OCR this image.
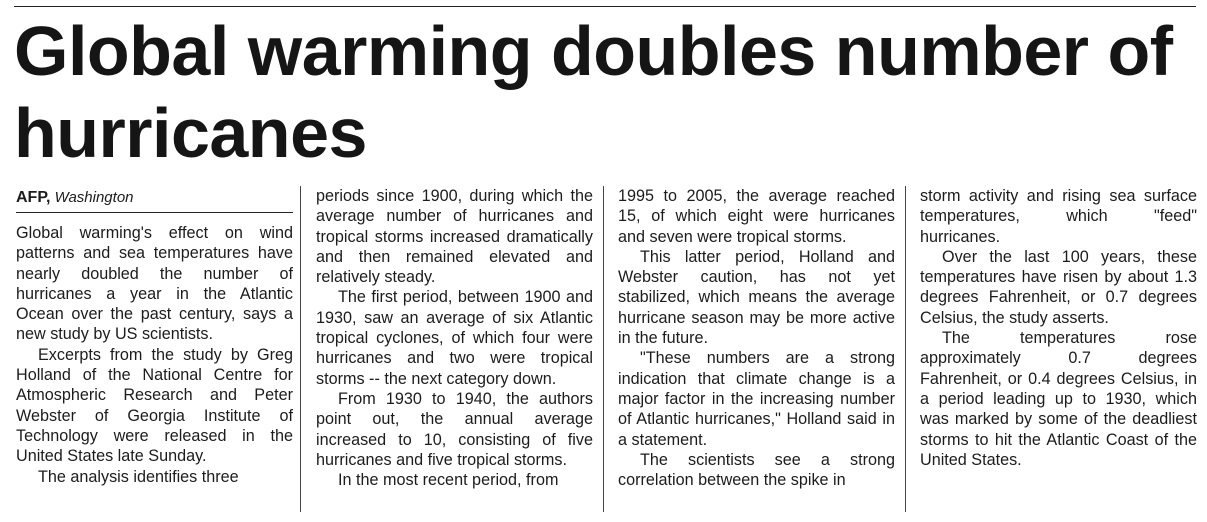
Global warming doubles number of hurricanes
AFP, Washington

Global warming's effect on wind patterns and sea temperatures have nearly doubled the number of hurricanes a year in the Atlantic Ocean over the past century, says a new study by US scientists.

Excerpts from the study by Greg Holland of the National Centre for Atmospheric Research and Peter Webster of Georgia Institute of Technology were released in the United States late Sunday.

The analysis identifies three

periods since 1900, during which the average number of hurricanes and tropical storms increased dramatically and then remained elevated and relatively steady.

The first period, between 1900 and 1930, saw an average of six Atlantic tropical cyclones, of which four were hurricanes and two were tropical storms -- the next category down.

From 1930 to 1940, the authors point out, the annual average increased to 10, consisting of five hurricanes and five tropical storms.

In the most recent period, from

1995 to 2005, the average reached 15, of which eight were hurricanes and seven were tropical storms.

This latter period, Holland and Webster caution, has not yet stabilized, which means the average hurricane season may be more active in the future.

"These numbers are a strong indication that climate change is a major factor in the increasing number of Atlantic hurricanes," Holland said in a statement.

The scientists see a strong correlation between the spike in

storm activity and rising sea surface temperatures, which "feed" hurricanes.

Over the last 100 years, these temperatures have risen by about 1.3 degrees Fahrenheit, or 0.7 degrees Celsius, the study asserts.

The temperatures rose approximately 0.7 degrees Fahrenheit, or 0.4 degrees Celsius, in a period leading up to 1930, which was marked by some of the deadliest storms to hit the Atlantic Coast of the United States.
